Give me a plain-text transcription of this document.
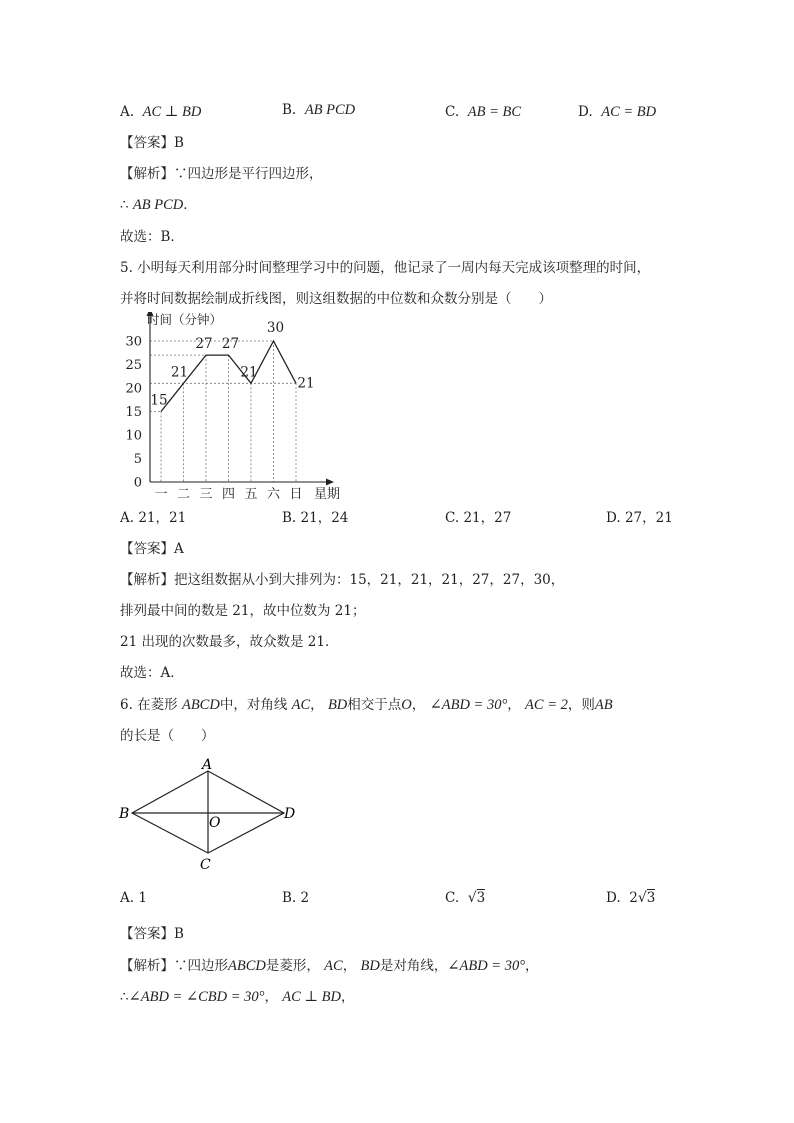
A. AC ⊥ BD	B. AB PCD	C. AB = BC	D. AC = BD
【答案】B
【解析】∵四边形是平行四边形，
∴ AB PCD．
故选：B．
5. 小明每天利用部分时间整理学习中的问题，他记录了一周内每天完成该项整理的时间，
并将时间数据绘制成折线图，则这组数据的中位数和众数分别是（　　）
0
5
10
15
20
25
30
时间（分钟）
一 二 三 四 五 六 日 星期
15
21
27 27
21
30
21
A. 21，21	B. 21，24	C. 21，27	D. 27，21
【答案】A
【解析】把这组数据从小到大排列为：15，21，21，21，27，27，30，
排列最中间的数是 21，故中位数为 21；
21 出现的次数最多，故众数是 21．
故选：A．
6. 在菱形 ABCD中，对角线 AC， BD相交于点O， ∠ABD = 30°， AC = 2，则AB
的长是（　　）
A
B
C
D
O
A. 1	B. 2	C. √3	D. 2√3
【答案】B
【解析】∵四边形ABCD是菱形， AC， BD是对角线，∠ABD = 30°，
∴∠ABD = ∠CBD = 30°， AC ⊥ BD，
